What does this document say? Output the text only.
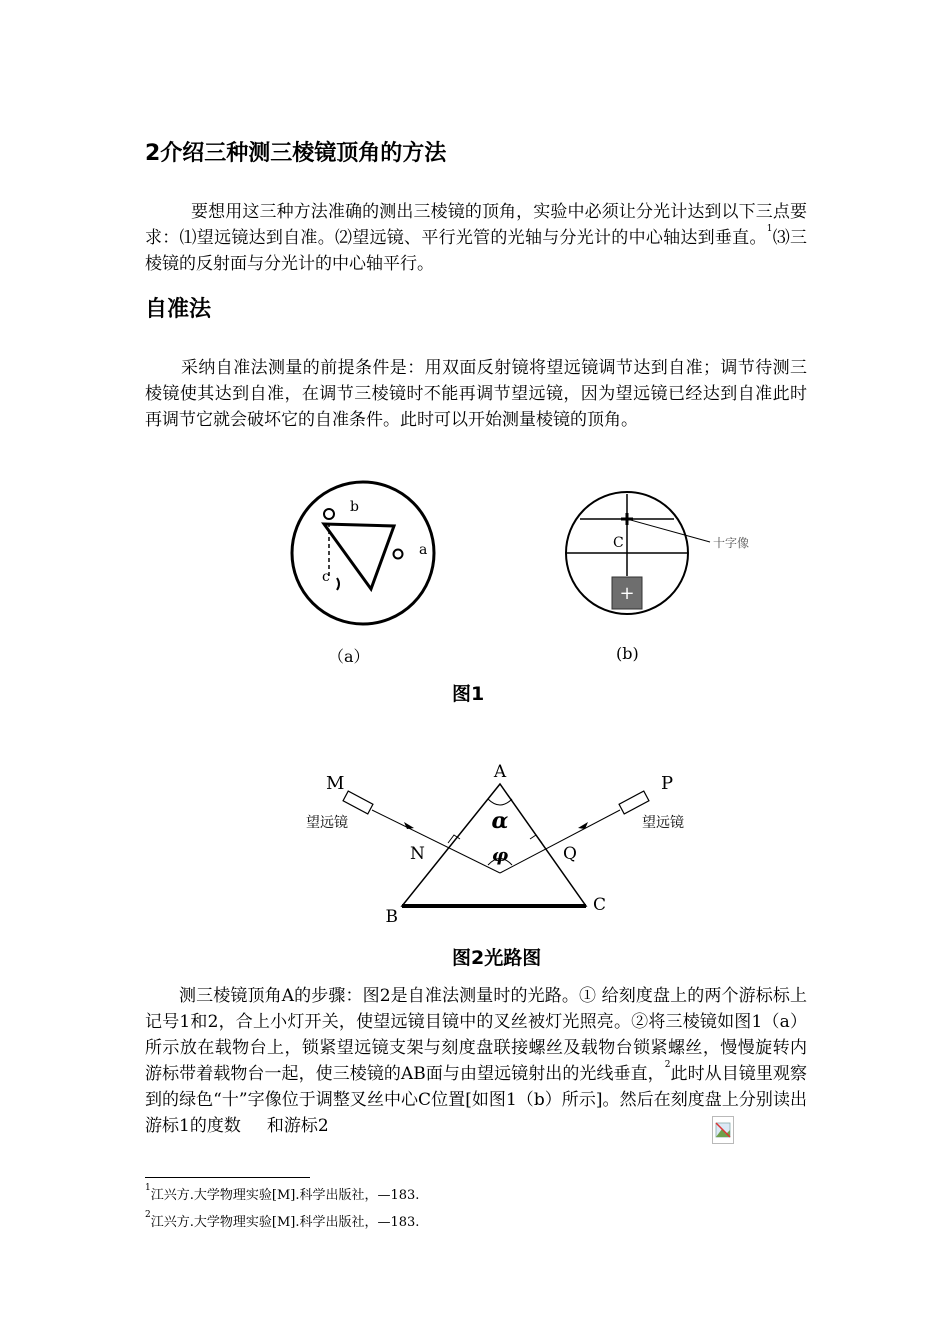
2介绍三种测三棱镜顶角的方法

要想用这三种方法准确的测出三棱镜的顶角，实验中必须让分光计达到以下三点要求：⑴望远镜达到自准。⑵望远镜、平行光管的光轴与分光计的中心轴达到垂直。$^1$⑶三棱镜的反射面与分光计的中心轴平行。

自准法

采纳自准法测量的前提条件是：用双面反射镜将望远镜调节达到自准；调节待测三棱镜使其达到自准，在调节三棱镜时不能再调节望远镜，因为望远镜已经达到自准此时再调节它就会破坏它的自准条件。此时可以开始测量棱镜的顶角。

b
a
c
+
C	十字像
（a）	(b)
图1
A
B
C
M	P
N	Q
α
φ
望远镜	望远镜
图2光路图

测三棱镜顶角A的步骤：图2是自准法测量时的光路。① 给刻度盘上的两个游标标上记号1和2，合上小灯开关，使望远镜目镜中的叉丝被灯光照亮。②将三棱镜如图1（a）所示放在载物台上，锁紧望远镜支架与刻度盘联接螺丝及载物台锁紧螺丝，慢慢旋转内游标带着载物台一起，使三棱镜的AB面与由望远镜射出的光线垂直，$^2$此时从目镜里观察到的绿色“十”字像位于调整叉丝中心C位置[如图1（b）所示]。然后在刻度盘上分别读出游标1的度数 和游标2

$^1$江兴方.大学物理实验[M].科学出版社，—183.
$^2$江兴方.大学物理实验[M].科学出版社，—183.
